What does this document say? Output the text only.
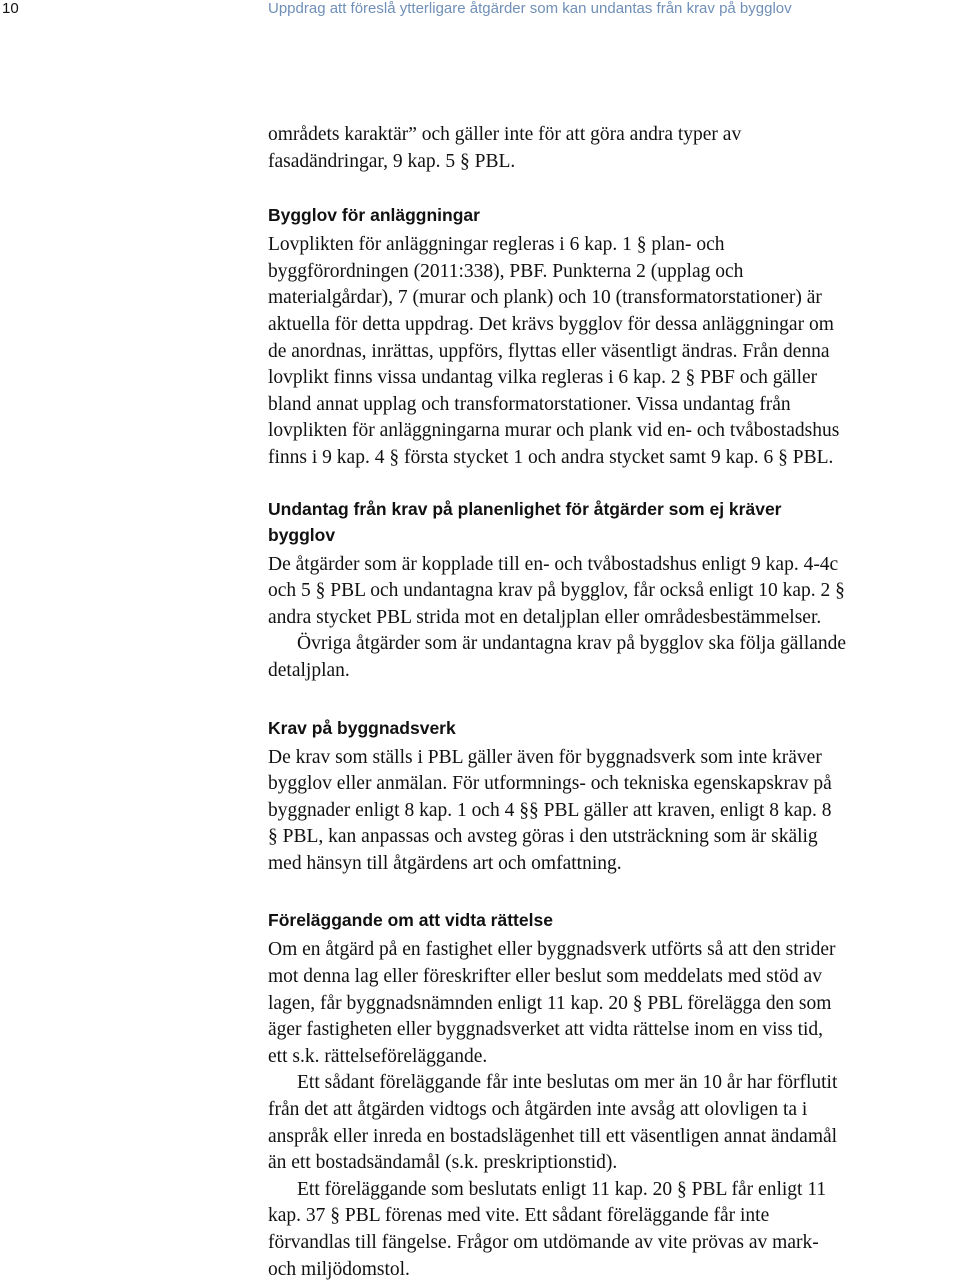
10	Uppdrag att föreslå ytterligare åtgärder som kan undantas från krav på bygglov

områdets karaktär” och gäller inte för att göra andra typer av
fasadändringar, 9 kap. 5 § PBL.

Bygglov för anläggningar

Lovplikten för anläggningar regleras i 6 kap. 1 § plan- och
byggförordningen (2011:338), PBF. Punkterna 2 (upplag och
materialgårdar), 7 (murar och plank) och 10 (transformatorstationer) är
aktuella för detta uppdrag. Det krävs bygglov för dessa anläggningar om
de anordnas, inrättas, uppförs, flyttas eller väsentligt ändras. Från denna
lovplikt finns vissa undantag vilka regleras i 6 kap. 2 § PBF och gäller
bland annat upplag och transformatorstationer. Vissa undantag från
lovplikten för anläggningarna murar och plank vid en- och tvåbostadshus
finns i 9 kap. 4 § första stycket 1 och andra stycket samt 9 kap. 6 § PBL.

Undantag från krav på planenlighet för åtgärder som ej kräver
bygglov

De åtgärder som är kopplade till en- och tvåbostadshus enligt 9 kap. 4-4c
och 5 § PBL och undantagna krav på bygglov, får också enligt 10 kap. 2 §
andra stycket PBL strida mot en detaljplan eller områdesbestämmelser.

Övriga åtgärder som är undantagna krav på bygglov ska följa gällande
detaljplan.

Krav på byggnadsverk

De krav som ställs i PBL gäller även för byggnadsverk som inte kräver
bygglov eller anmälan. För utformnings- och tekniska egenskapskrav på
byggnader enligt 8 kap. 1 och 4 §§ PBL gäller att kraven, enligt 8 kap. 8
§ PBL, kan anpassas och avsteg göras i den utsträckning som är skälig
med hänsyn till åtgärdens art och omfattning.

Föreläggande om att vidta rättelse

Om en åtgärd på en fastighet eller byggnadsverk utförts så att den strider
mot denna lag eller föreskrifter eller beslut som meddelats med stöd av
lagen, får byggnadsnämnden enligt 11 kap. 20 § PBL förelägga den som
äger fastigheten eller byggnadsverket att vidta rättelse inom en viss tid,
ett s.k. rättelseföreläggande.

Ett sådant föreläggande får inte beslutas om mer än 10 år har förflutit
från det att åtgärden vidtogs och åtgärden inte avsåg att olovligen ta i
anspråk eller inreda en bostadslägenhet till ett väsentligen annat ändamål
än ett bostadsändamål (s.k. preskriptionstid).

Ett föreläggande som beslutats enligt 11 kap. 20 § PBL får enligt 11
kap. 37 § PBL förenas med vite. Ett sådant föreläggande får inte
förvandlas till fängelse. Frågor om utdömande av vite prövas av mark-
och miljödomstol.
